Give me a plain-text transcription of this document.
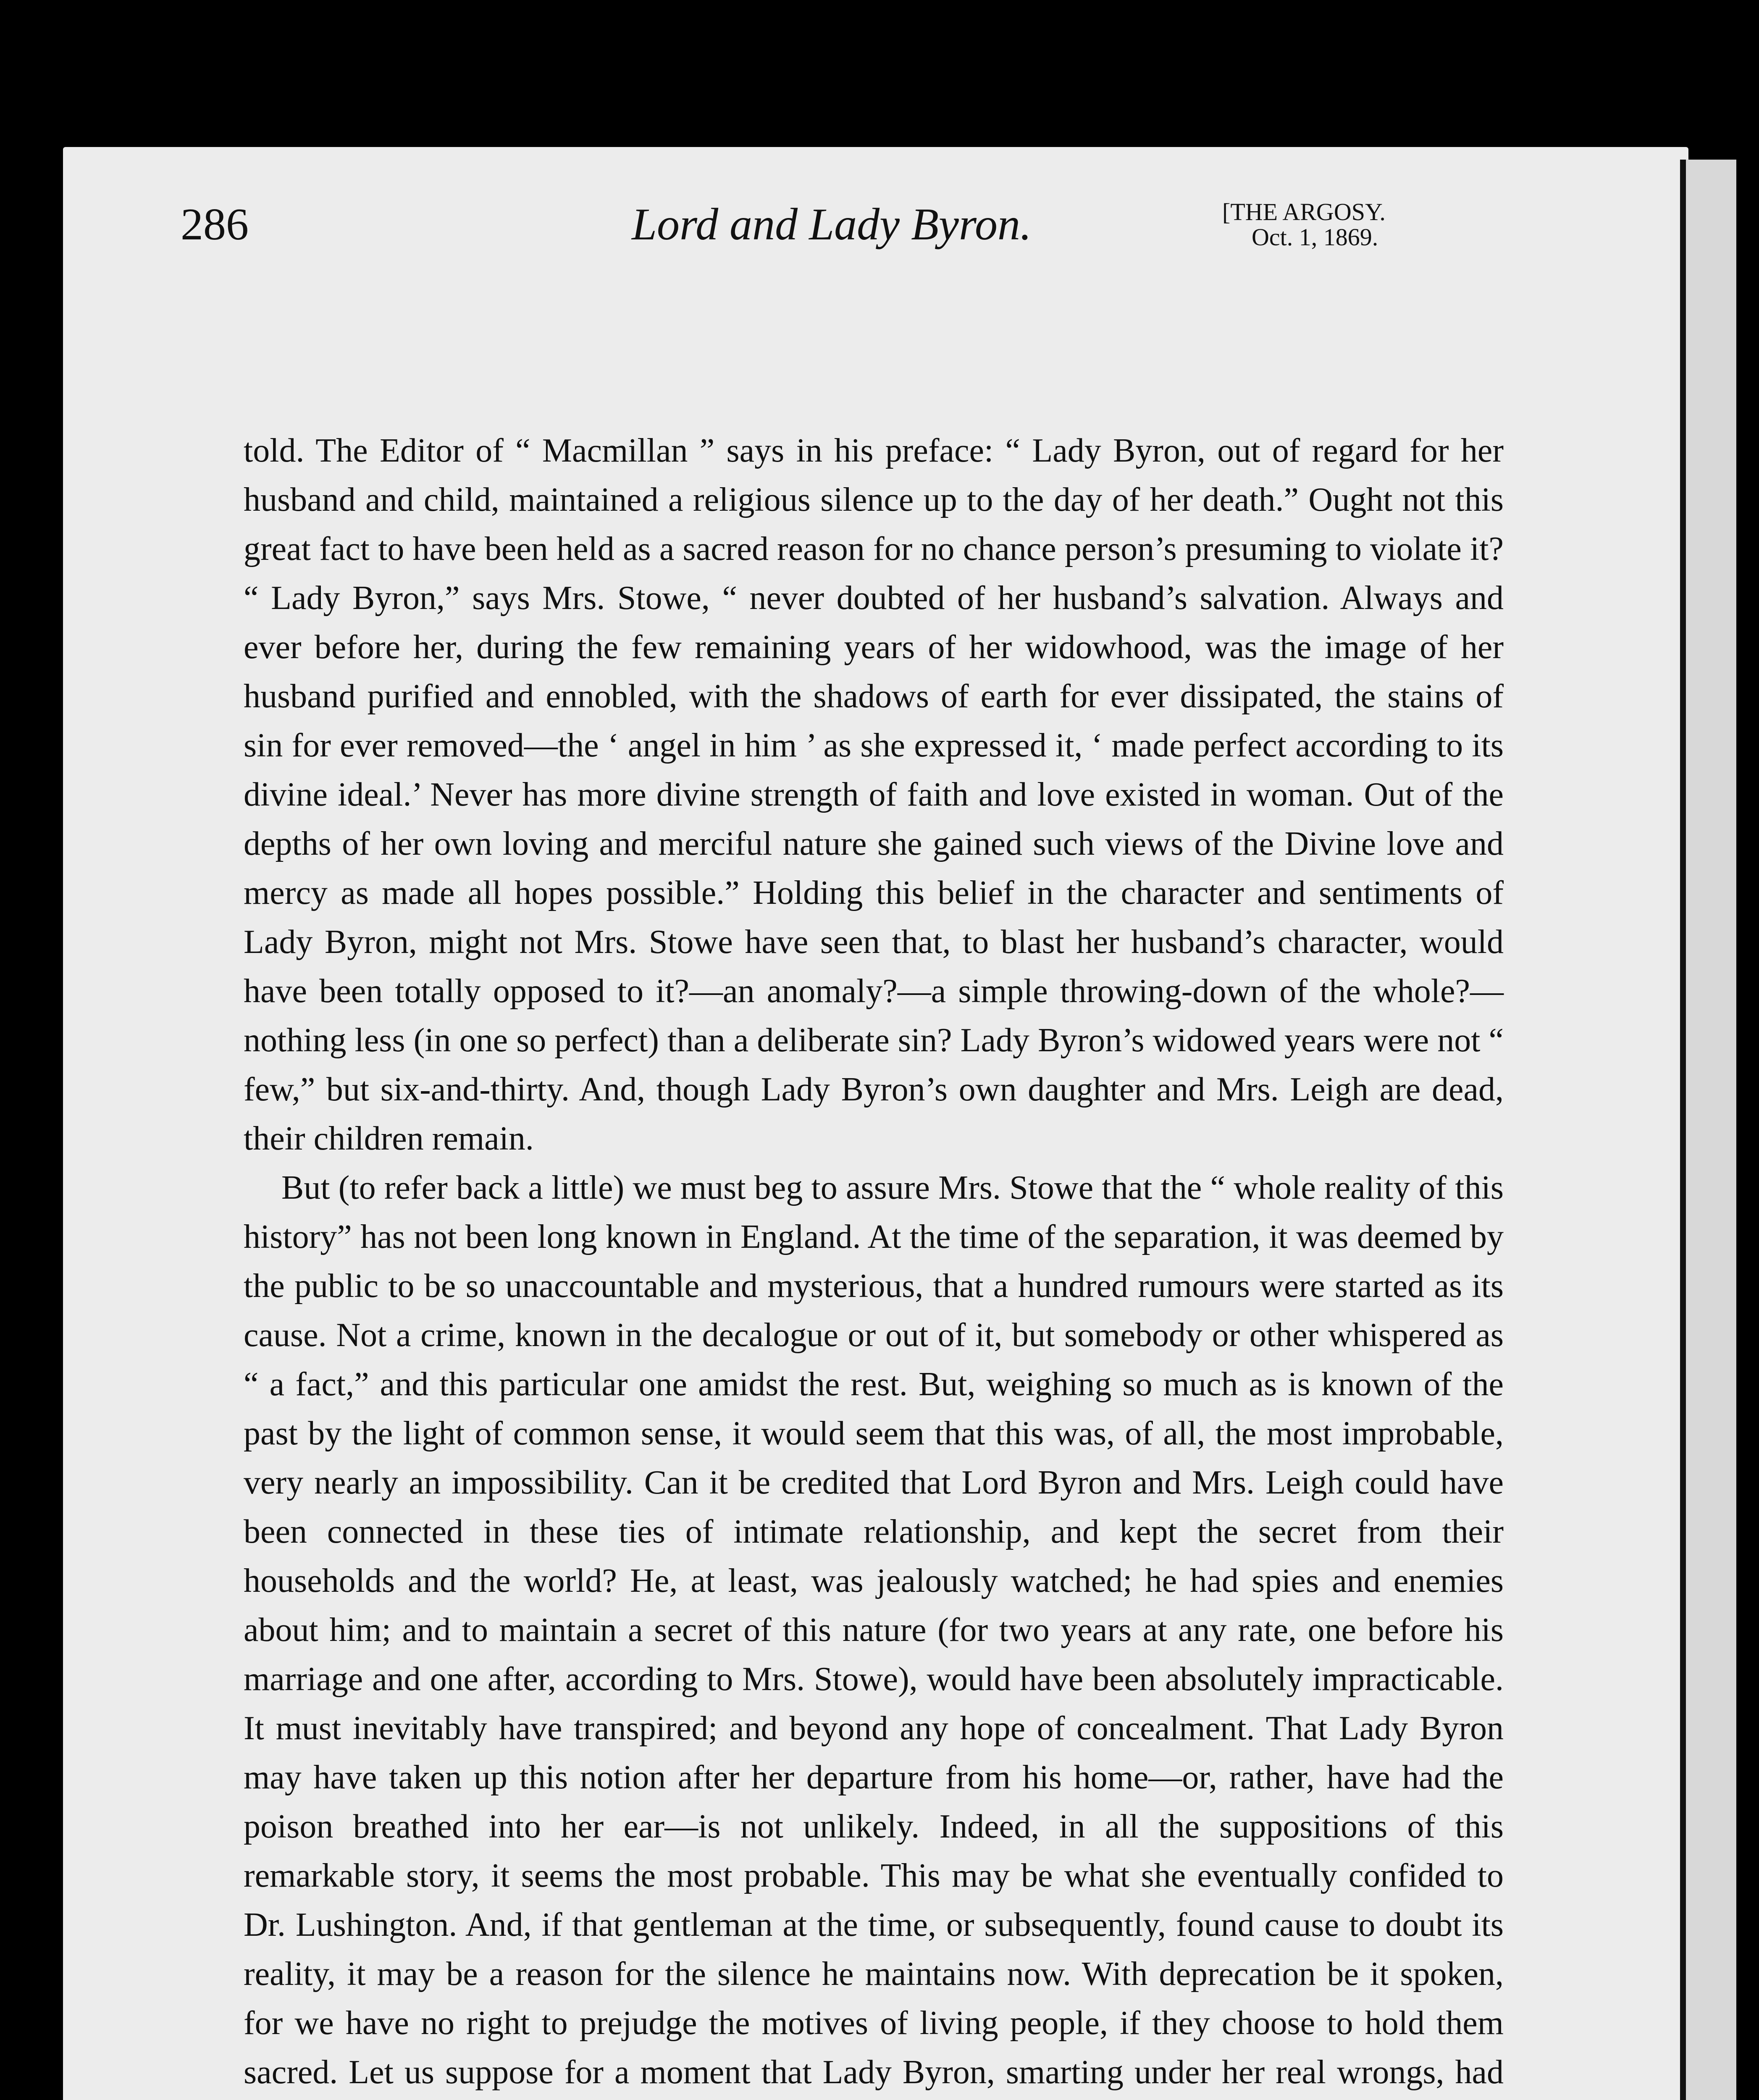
286	Lord and Lady Byron.	[THE ARGOSY.
Oct. 1, 1869.

told. The Editor of “ Macmillan ” says in his preface: “ Lady Byron, out of regard for her husband and child, maintained a religious silence up to the day of her death.” Ought not this great fact to have been held as a sacred reason for no chance person’s presuming to violate it? “ Lady Byron,” says Mrs. Stowe, “ never doubted of her husband’s salvation. Always and ever before her, during the few remaining years of her widowhood, was the image of her husband purified and ennobled, with the shadows of earth for ever dissipated, the stains of sin for ever removed—the ‘ angel in him ’ as she expressed it, ‘ made perfect according to its divine ideal.’ Never has more divine strength of faith and love existed in woman. Out of the depths of her own loving and merciful nature she gained such views of the Divine love and mercy as made all hopes possible.” Holding this belief in the character and sentiments of Lady Byron, might not Mrs. Stowe have seen that, to blast her husband’s character, would have been totally opposed to it?—an anomaly?—a simple throwing-down of the whole?—nothing less (in one so perfect) than a deliberate sin? Lady Byron’s widowed years were not “ few,” but six-and-thirty. And, though Lady Byron’s own daughter and Mrs. Leigh are dead, their children remain.

But (to refer back a little) we must beg to assure Mrs. Stowe that the “ whole reality of this history” has not been long known in England. At the time of the separation, it was deemed by the public to be so unaccountable and mysterious, that a hundred rumours were started as its cause. Not a crime, known in the decalogue or out of it, but somebody or other whispered as “ a fact,” and this particular one amidst the rest. But, weighing so much as is known of the past by the light of common sense, it would seem that this was, of all, the most improbable, very nearly an impossibility. Can it be credited that Lord Byron and Mrs. Leigh could have been connected in these ties of intimate relationship, and kept the secret from their households and the world? He, at least, was jealously watched; he had spies and enemies about him; and to maintain a secret of this nature (for two years at any rate, one before his marriage and one after, according to Mrs. Stowe), would have been absolutely impracticable. It must inevitably have transpired; and beyond any hope of concealment. That Lady Byron may have taken up this notion after her departure from his home—or, rather, have had the poison breathed into her ear—is not unlikely. Indeed, in all the suppositions of this remarkable story, it seems the most probable. This may be what she eventually confided to Dr. Lushington. And, if that gentleman at the time, or subsequently, found cause to doubt its reality, it may be a reason for the silence he maintains now. With deprecation be it spoken, for we have no right to prejudge the motives of living people, if they choose to hold them sacred. Let us suppose for a moment that Lady Byron, smarting under her real wrongs, had
